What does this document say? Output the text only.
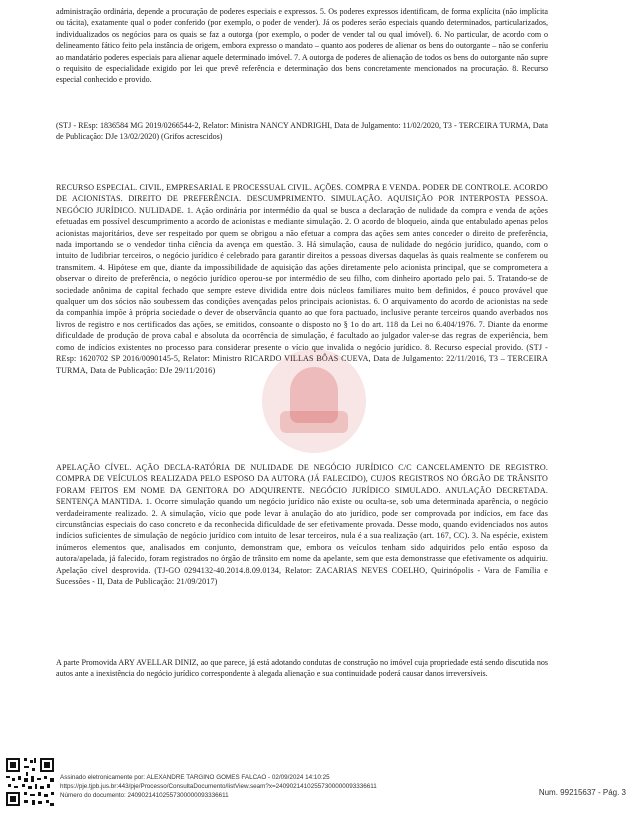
administração ordinária, depende a procuração de poderes especiais e expressos. 5. Os poderes expressos identificam, de forma explícita (não implícita ou tácita), exatamente qual o poder conferido (por exemplo, o poder de vender). Já os poderes serão especiais quando determinados, particularizados, individualizados os negócios para os quais se faz a outorga (por exemplo, o poder de vender tal ou qual imóvel). 6. No particular, de acordo com o delineamento fático feito pela instância de origem, embora expresso o mandato – quanto aos poderes de alienar os bens do outorgante – não se conferiu ao mandatário poderes especiais para alienar aquele determinado imóvel. 7. A outorga de poderes de alienação de todos os bens do outorgante não supre o requisito de especialidade exigido por lei que prevê referência e determinação dos bens concretamente mencionados na procuração. 8. Recurso especial conhecido e provido.

(STJ - REsp: 1836584 MG 2019/0266544-2, Relator: Ministra NANCY ANDRIGHI, Data de Julgamento: 11/02/2020, T3 - TERCEIRA TURMA, Data de Publicação: DJe 13/02/2020) (Grifos acrescidos)

RECURSO ESPECIAL. CIVIL, EMPRESARIAL E PROCESSUAL CIVIL. AÇÕES. COMPRA E VENDA. PODER DE CONTROLE. ACORDO DE ACIONISTAS. DIREITO DE PREFERÊNCIA. DESCUMPRIMENTO. SIMULAÇÃO. AQUISIÇÃO POR INTERPOSTA PESSOA. NEGÓCIO JURÍDICO. NULIDADE. 1. Ação ordinária por intermédio da qual se busca a declaração de nulidade da compra e venda de ações efetuadas em possível descumprimento a acordo de acionistas e mediante simulação. 2. O acordo de bloqueio, ainda que entabulado apenas pelos acionistas majoritários, deve ser respeitado por quem se obrigou a não efetuar a compra das ações sem antes conceder o direito de preferência, nada importando se o vendedor tinha ciência da avença em questão. 3. Há simulação, causa de nulidade do negócio jurídico, quando, com o intuito de ludibriar terceiros, o negócio jurídico é celebrado para garantir direitos a pessoas diversas daquelas às quais realmente se conferem ou transmitem. 4. Hipótese em que, diante da impossibilidade de aquisição das ações diretamente pelo acionista principal, que se comprometera a observar o direito de preferência, o negócio jurídico operou-se por intermédio de seu filho, com dinheiro aportado pelo pai. 5. Tratando-se de sociedade anônima de capital fechado que sempre esteve dividida entre dois núcleos familiares muito bem definidos, é pouco provável que qualquer um dos sócios não soubessem das condições avençadas pelos principais acionistas. 6. O arquivamento do acordo de acionistas na sede da companhia impõe à própria sociedade o dever de observância quanto ao que fora pactuado, inclusive perante terceiros quando averbados nos livros de registro e nos certificados das ações, se emitidos, consoante o disposto no § 1o do art. 118 da Lei no 6.404/1976. 7. Diante da enorme dificuldade de produção de prova cabal e absoluta da ocorrência de simulação, é facultado ao julgador valer-se das regras de experiência, bem como de indícios existentes no processo para considerar presente o vício que invalida o negócio jurídico. 8. Recurso especial provido. (STJ - REsp: 1620702 SP 2016/0090145-5, Relator: Ministro RICARDO VILLAS BÔAS CUEVA, Data de Julgamento: 22/11/2016, T3 – TERCEIRA TURMA, Data de Publicação: DJe 29/11/2016)

APELAÇÃO CÍVEL. AÇÃO DECLA-RATÓRIA DE NULIDADE DE NEGÓCIO JURÍDICO C/C CANCELAMENTO DE REGISTRO. COMPRA DE VEÍCULOS REALIZADA PELO ESPOSO DA AUTORA (JÁ FALECIDO), CUJOS REGISTROS NO ÓRGÃO DE TRÂNSITO FORAM FEITOS EM NOME DA GENITORA DO ADQUIRENTE. NEGÓCIO JURÍDICO SIMULADO. ANULAÇÃO DECRETADA. SENTENÇA MANTIDA. 1. Ocorre simulação quando um negócio jurídico não existe ou oculta-se, sob uma determinada aparência, o negócio verdadeiramente realizado. 2. A simulação, vício que pode levar à anulação do ato jurídico, pode ser comprovada por indícios, em face das circunstâncias especiais do caso concreto e da reconhecida dificuldade de ser efetivamente provada. Desse modo, quando evidenciados nos autos indícios suficientes de simulação de negócio jurídico com intuito de lesar terceiros, nula é a sua realização (art. 167, CC). 3. Na espécie, existem inúmeros elementos que, analisados em conjunto, demonstram que, embora os veículos tenham sido adquiridos pelo então esposo da autora/apelada, já falecido, foram registrados no órgão de trânsito em nome da apelante, sem que esta demonstrasse que efetivamente os adquiriu. Apelação cível desprovida. (TJ-GO 0294132-40.2014.8.09.0134, Relator: ZACARIAS NEVES COELHO, Quirinópolis - Vara de Família e Sucessões - II, Data de Publicação: 21/09/2017)

A parte Promovida ARY AVELLAR DINIZ, ao que parece, já está adotando condutas de construção no imóvel cuja propriedade está sendo discutida nos autos ante a inexistência do negócio jurídico correspondente à alegada alienação e sua continuidade poderá causar danos irreversíveis.

Assinado eletronicamente por: ALEXANDRE TARGINO GOMES FALCAO - 02/09/2024 14:10:25
https://pje.tjpb.jus.br:443/pje/Processo/ConsultaDocumento/listView.seam?x=24090214102557300000093336611
Número do documento: 24090214102557300000093336611	Num. 99215637 - Pág. 3
